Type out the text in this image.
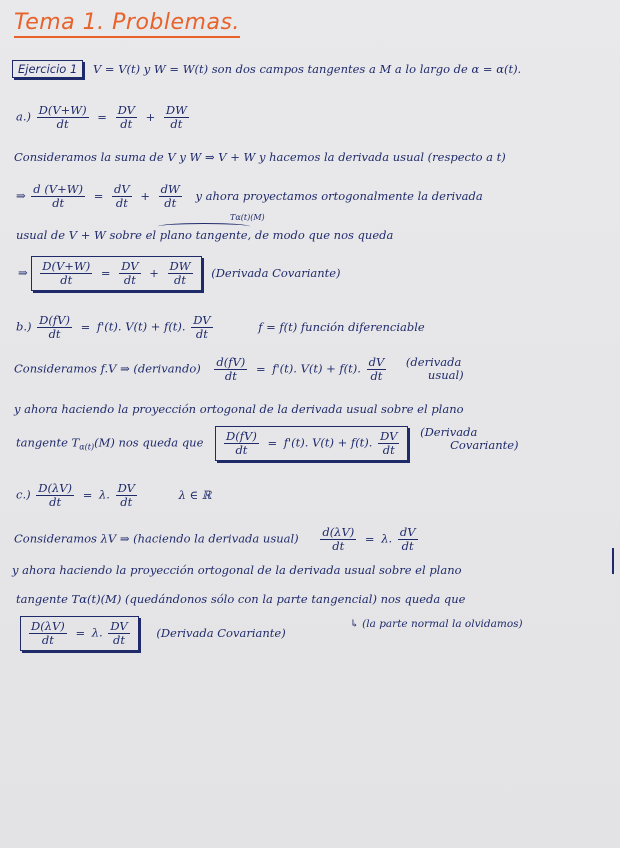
Tema 1. Problemas.
Ejercicio 1 V = V(t) y W = W(t) son dos campos tangentes a M a lo largo de α = α(t).
$a.) \frac{D(V+W)}{dt} = \frac{DV}{dt} + \frac{DW}{dt}$
Consideramos la suma de V y W ⇒ V + W y hacemos la derivada usual (respecto a t)
⇒ $\frac{d (V+W)}{dt} = \frac{dV}{dt} + \frac{dW}{dt}$ y ahora proyectamos ortogonalmente la derivada
Tα(t)(M)
usual de V + W sobre el plano tangente, de modo que nos queda
⇒ $\frac{D(V+W)}{dt} = \frac{DV}{dt} + \frac{DW}{dt}$ (Derivada Covariante)
$b.) \frac{D(fV)}{dt} = f'(t)$. V(t) + f(t). $\frac{DV}{dt}$	f = f(t) función diferenciable
Consideramos f.V ⇒ (derivando) $\frac{d(fV)}{dt} = f'(t)$. V(t) + f(t). $\frac{dV}{dt}$
(derivada
usual)
y ahora haciendo la proyección ortogonal de la derivada usual sobre el plano
tangente $T_{\alpha(t)}(M)$ nos queda que $\frac{D(fV)}{dt} = f'(t)$. V(t) + f(t). $\frac{DV}{dt}$
(Derivada
Covariante)
$c.) \frac{D(\lambda V)}{dt} = \lambda$. $\frac{DV}{dt}$	λ ∈ ℝ
Consideramos λV ⇒ (haciendo la derivada usual) $\frac{d(\lambda V)}{dt} = \lambda$. $\frac{dV}{dt}$
y ahora haciendo la proyección ortogonal de la derivada usual sobre el plano
tangente Tα(t)(M) (quedándonos sólo con la parte tangencial) nos queda que
↳ (la parte normal la olvidamos)
$\frac{D(\lambda V)}{dt} = \lambda$. $\frac{DV}{dt}$ (Derivada Covariante)
